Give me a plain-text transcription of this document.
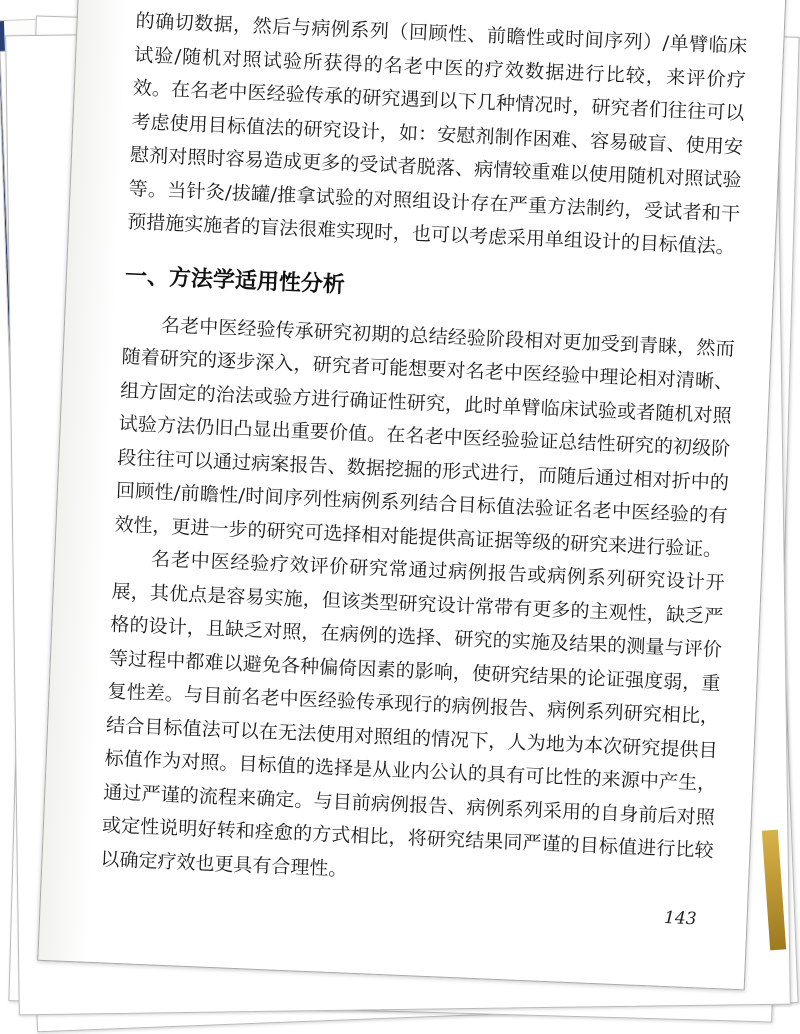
的确切数据，然后与病例系列（回顾性、前瞻性或时间序列）/单臂临床试验/随机对照试验所获得的名老中医的疗效数据进行比较，来评价疗效。在名老中医经验传承的研究遇到以下几种情况时，研究者们往往可以考虑使用目标值法的研究设计，如：安慰剂制作困难、容易破盲、使用安慰剂对照时容易造成更多的受试者脱落、病情较重难以使用随机对照试验等。当针灸/拔罐/推拿试验的对照组设计存在严重方法制约，受试者和干预措施实施者的盲法很难实现时，也可以考虑采用单组设计的目标值法。

一、方法学适用性分析

名老中医经验传承研究初期的总结经验阶段相对更加受到青睐，然而随着研究的逐步深入，研究者可能想要对名老中医经验中理论相对清晰、组方固定的治法或验方进行确证性研究，此时单臂临床试验或者随机对照试验方法仍旧凸显出重要价值。在名老中医经验验证总结性研究的初级阶段往往可以通过病案报告、数据挖掘的形式进行，而随后通过相对折中的回顾性/前瞻性/时间序列性病例系列结合目标值法验证名老中医经验的有效性，更进一步的研究可选择相对能提供高证据等级的研究来进行验证。

名老中医经验疗效评价研究常通过病例报告或病例系列研究设计开展，其优点是容易实施，但该类型研究设计常带有更多的主观性，缺乏严格的设计，且缺乏对照，在病例的选择、研究的实施及结果的测量与评价等过程中都难以避免各种偏倚因素的影响，使研究结果的论证强度弱，重复性差。与目前名老中医经验传承现行的病例报告、病例系列研究相比，结合目标值法可以在无法使用对照组的情况下，人为地为本次研究提供目标值作为对照。目标值的选择是从业内公认的具有可比性的来源中产生，通过严谨的流程来确定。与目前病例报告、病例系列采用的自身前后对照或定性说明好转和痊愈的方式相比，将研究结果同严谨的目标值进行比较以确定疗效也更具有合理性。

143
